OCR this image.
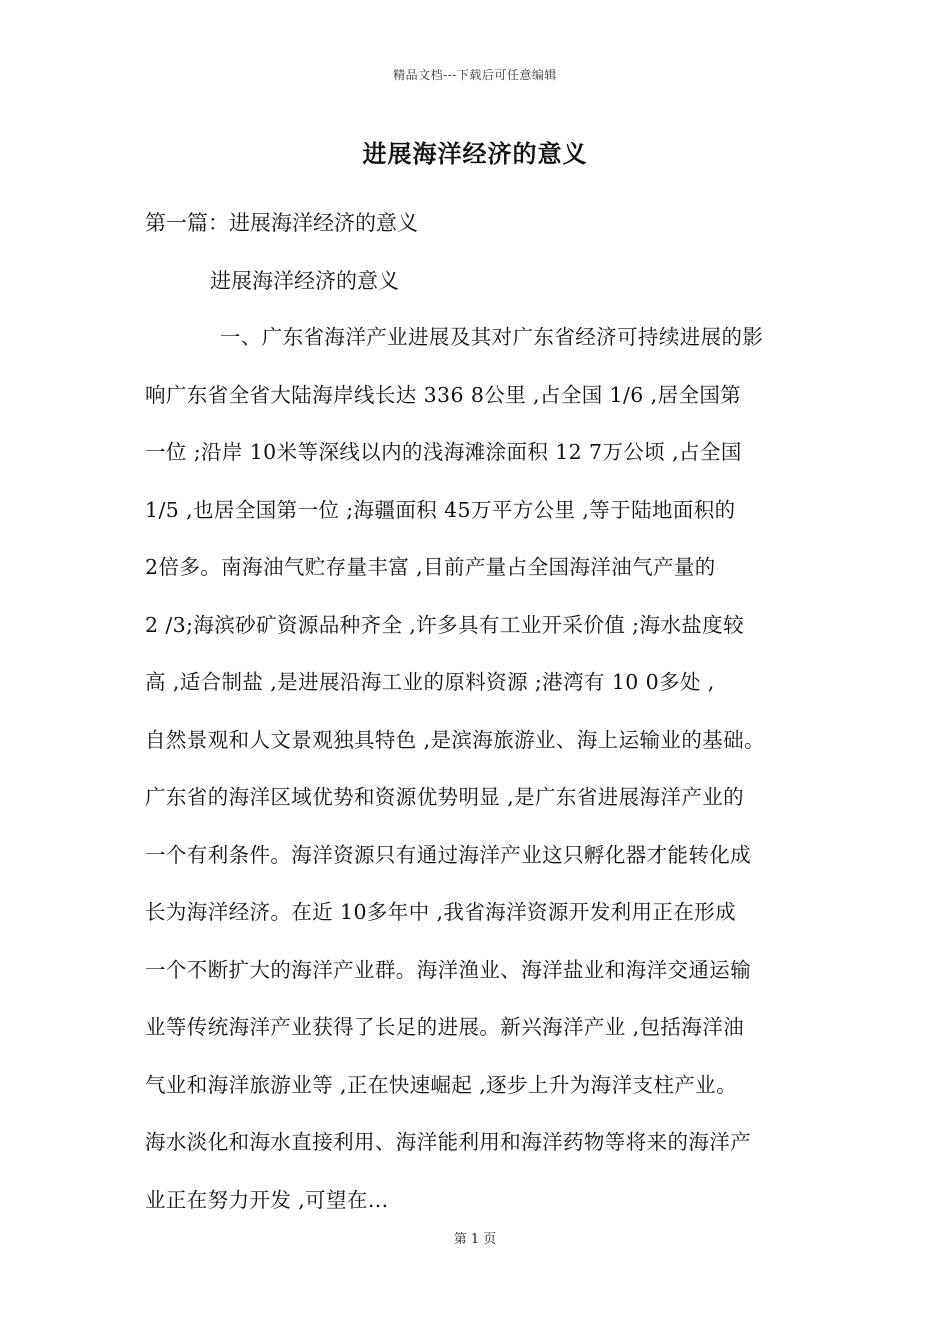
精品文档---下载后可任意编辑
进展海洋经济的意义
第一篇：进展海洋经济的意义
进展海洋经济的意义
一、广东省海洋产业进展及其对广东省经济可持续进展的影
响广东省全省大陆海岸线长达 336 8公里 ,占全国 1/6 ,居全国第
一位 ;沿岸 10米等深线以内的浅海滩涂面积 12 7万公顷 ,占全国
1/5 ,也居全国第一位 ;海疆面积 45万平方公里 ,等于陆地面积的
2倍多。南海油气贮存量丰富 ,目前产量占全国海洋油气产量的
2 /3;海滨砂矿资源品种齐全 ,许多具有工业开采价值 ;海水盐度较
高 ,适合制盐 ,是进展沿海工业的原料资源 ;港湾有 10 0多处 ,
自然景观和人文景观独具特色 ,是滨海旅游业、海上运输业的基础。
广东省的海洋区域优势和资源优势明显 ,是广东省进展海洋产业的
一个有利条件。海洋资源只有通过海洋产业这只孵化器才能转化成
长为海洋经济。在近 10多年中 ,我省海洋资源开发利用正在形成
一个不断扩大的海洋产业群。海洋渔业、海洋盐业和海洋交通运输
业等传统海洋产业获得了长足的进展。新兴海洋产业 ,包括海洋油
气业和海洋旅游业等 ,正在快速崛起 ,逐步上升为海洋支柱产业。
海水淡化和海水直接利用、海洋能利用和海洋药物等将来的海洋产
业正在努力开发 ,可望在...
第 1 页
